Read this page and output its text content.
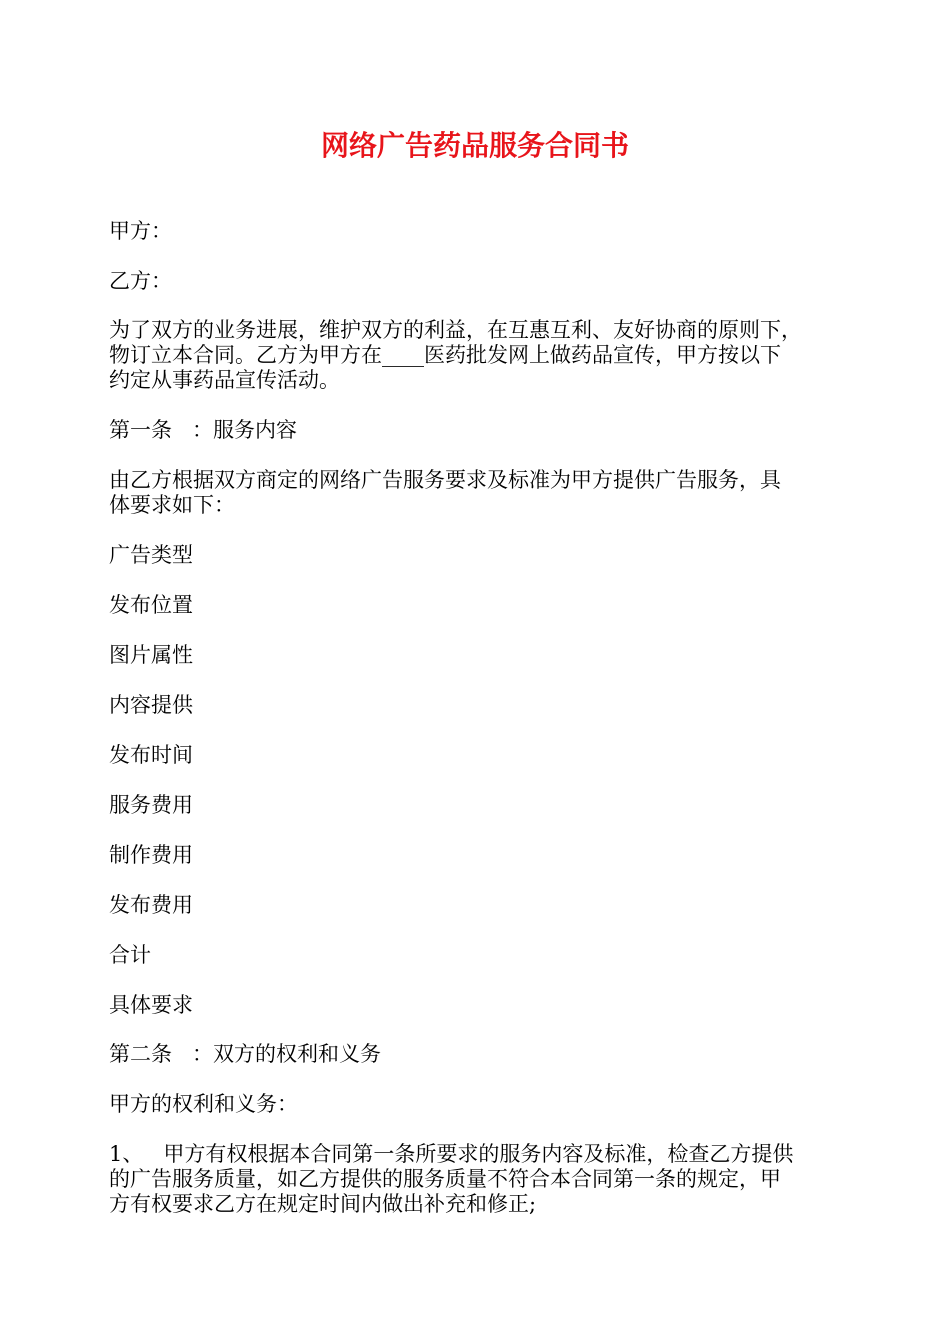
网络广告药品服务合同书

甲方：

乙方：

为了双方的业务进展，维护双方的利益，在互惠互利、友好协商的原则下，
物订立本合同。乙方为甲方在____医药批发网上做药品宣传，甲方按以下
约定从事药品宣传活动。

第一条 ：服务内容

由乙方根据双方商定的网络广告服务要求及标准为甲方提供广告服务，具
体要求如下：

广告类型

发布位置

图片属性

内容提供

发布时间

服务费用

制作费用

发布费用

合计

具体要求

第二条 ：双方的权利和义务

甲方的权利和义务：

1、 甲方有权根据本合同第一条所要求的服务内容及标准，检查乙方提供
的广告服务质量，如乙方提供的服务质量不符合本合同第一条的规定，甲
方有权要求乙方在规定时间内做出补充和修正;
